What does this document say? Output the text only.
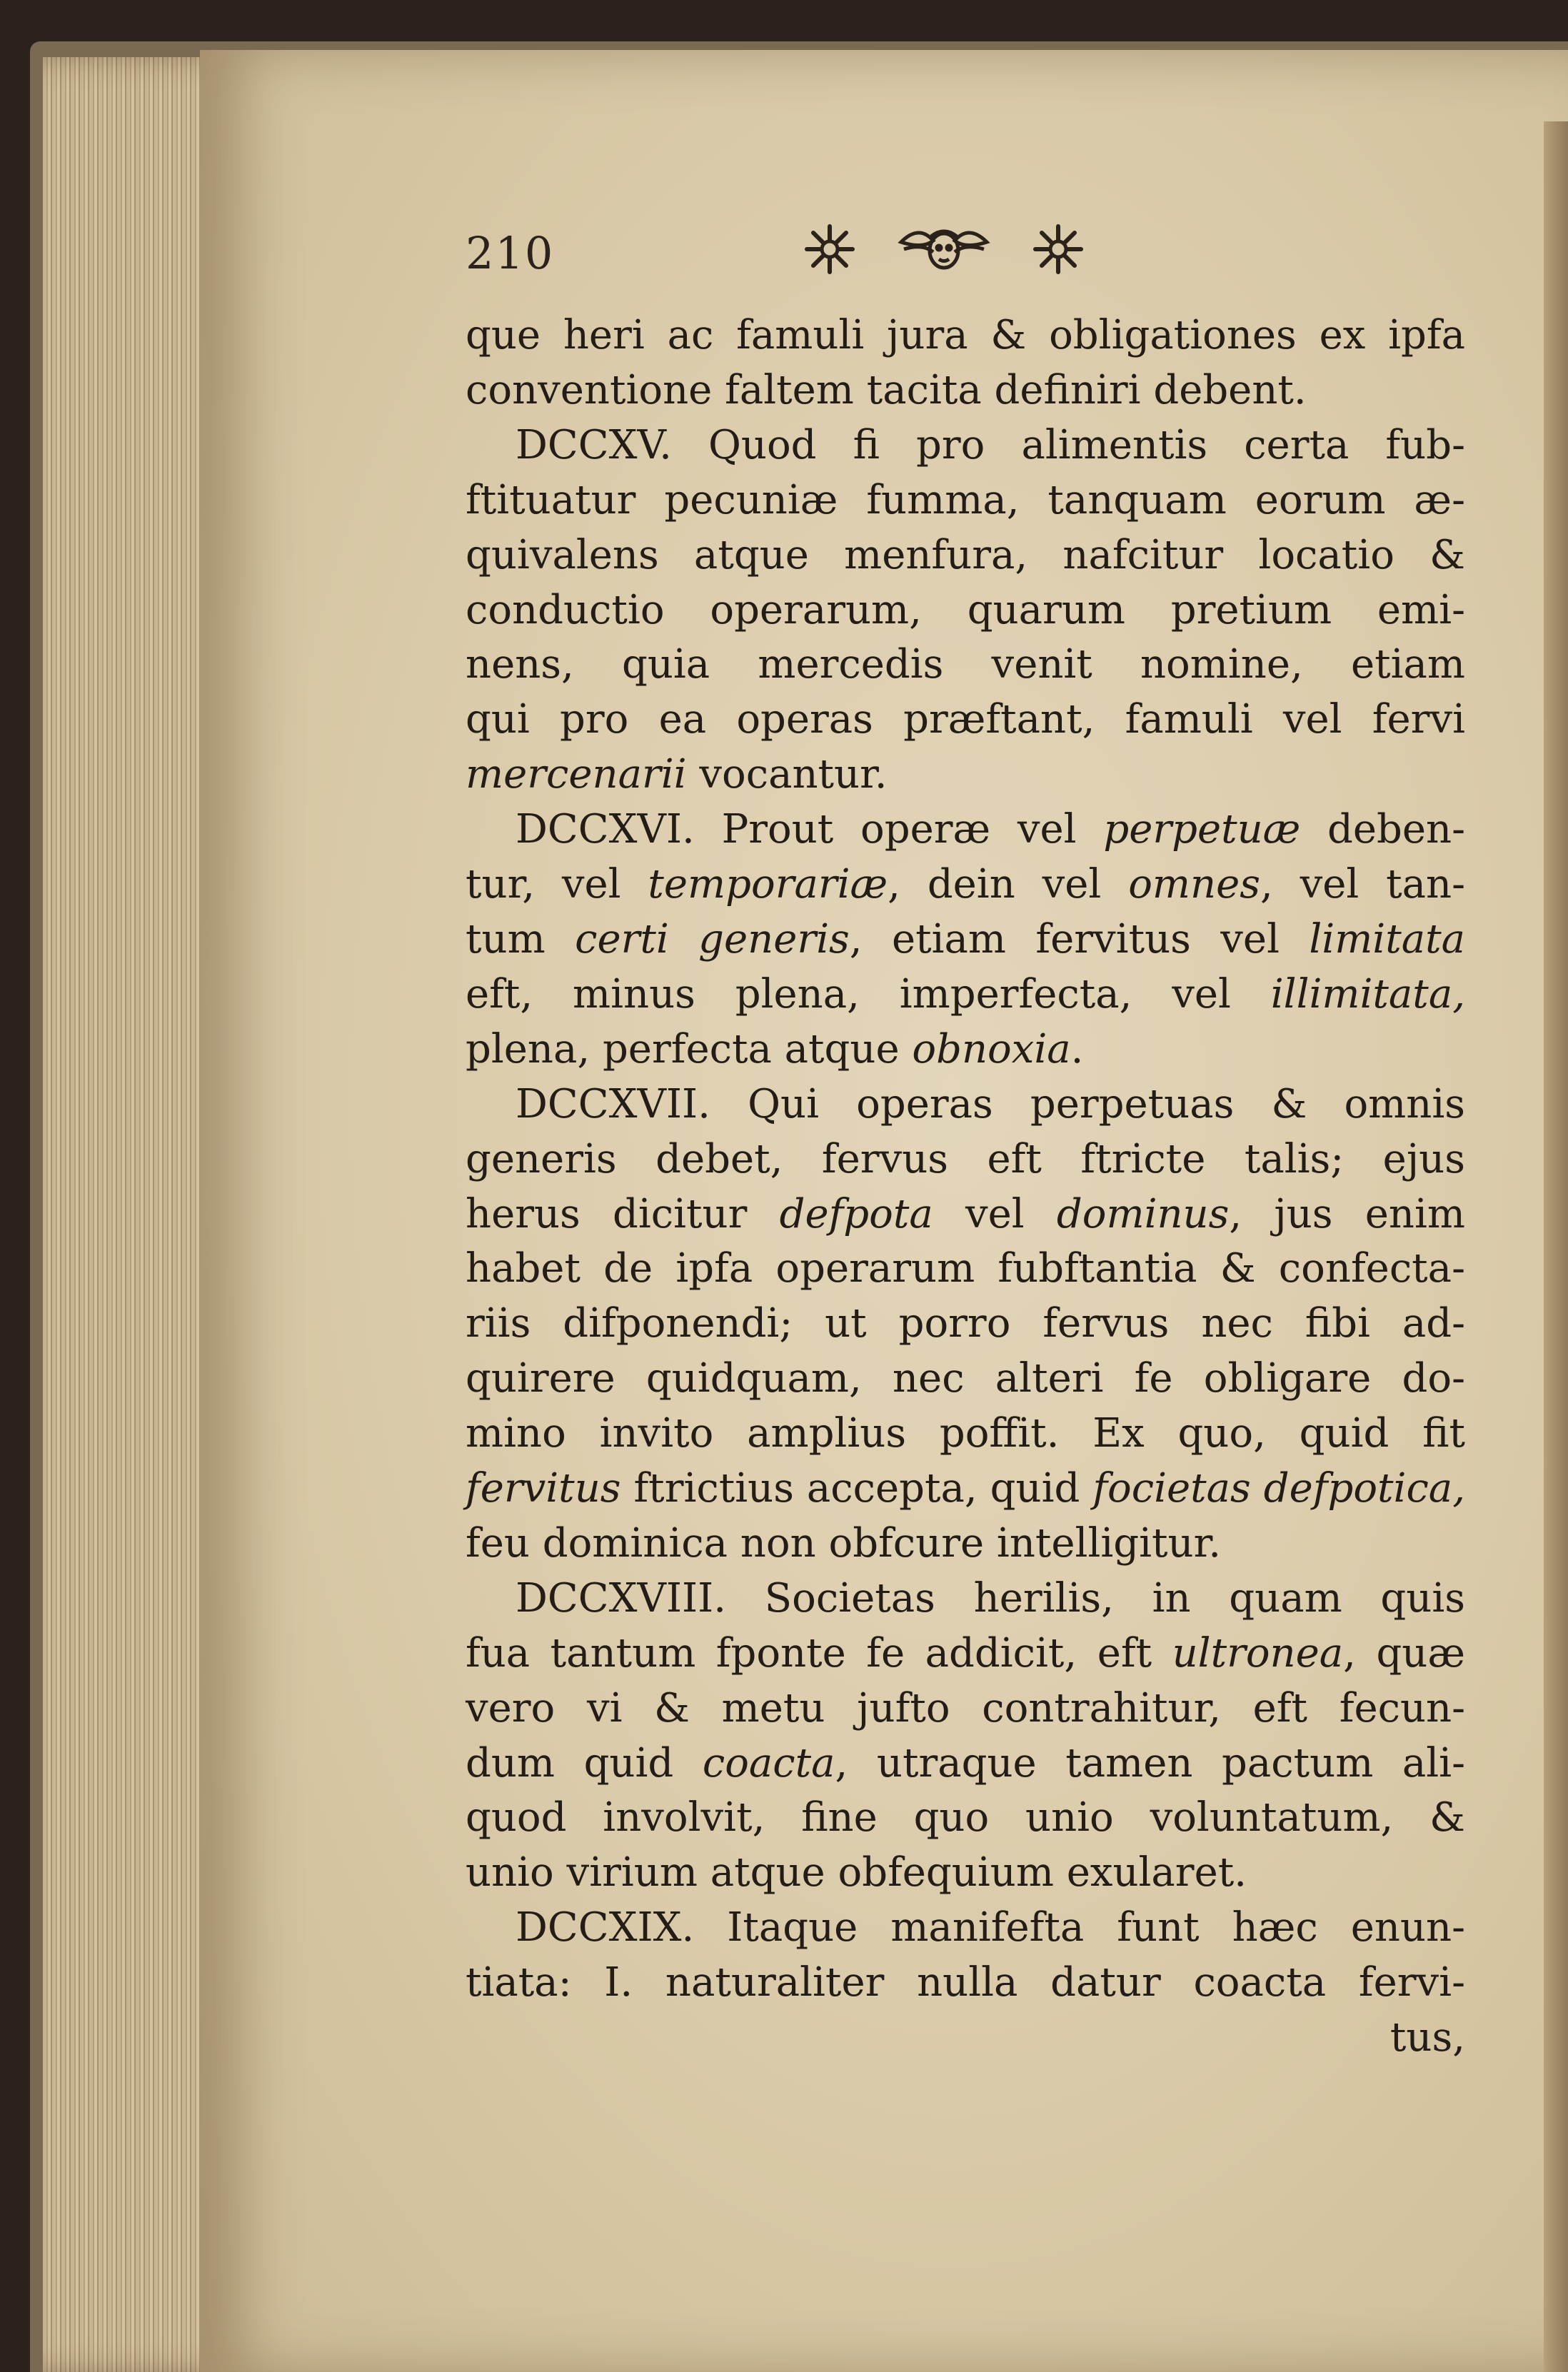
210
que heri ac famuli jura & obligationes ex ipfa
conventione faltem tacita definiri debent.
DCCXV. Quod fi pro alimentis certa fub-
ftituatur pecuniæ fumma, tanquam eorum æ-
quivalens atque menfura, nafcitur locatio &
conductio operarum, quarum pretium emi-
nens, quia mercedis venit nomine, etiam
qui pro ea operas præftant, famuli vel fervi
mercenarii vocantur.
DCCXVI. Prout operæ vel perpetuæ deben-
tur, vel temporariæ, dein vel omnes, vel tan-
tum certi generis, etiam fervitus vel limitata
eft, minus plena, imperfecta, vel illimitata,
plena, perfecta atque obnoxia.
DCCXVII. Qui operas perpetuas & omnis
generis debet, fervus eft ftricte talis; ejus
herus dicitur defpota vel dominus, jus enim
habet de ipfa operarum fubftantia & confecta-
riis difponendi; ut porro fervus nec fibi ad-
quirere quidquam, nec alteri fe obligare do-
mino invito amplius poffit. Ex quo, quid fit
fervitus ftrictius accepta, quid focietas defpotica,
feu dominica non obfcure intelligitur.
DCCXVIII. Societas herilis, in quam quis
fua tantum fponte fe addicit, eft ultronea, quæ
vero vi & metu jufto contrahitur, eft fecun-
dum quid coacta, utraque tamen pactum ali-
quod involvit, fine quo unio voluntatum, &
unio virium atque obfequium exularet.
DCCXIX. Itaque manifefta funt hæc enun-
tiata: I. naturaliter nulla datur coacta fervi-
tus,
